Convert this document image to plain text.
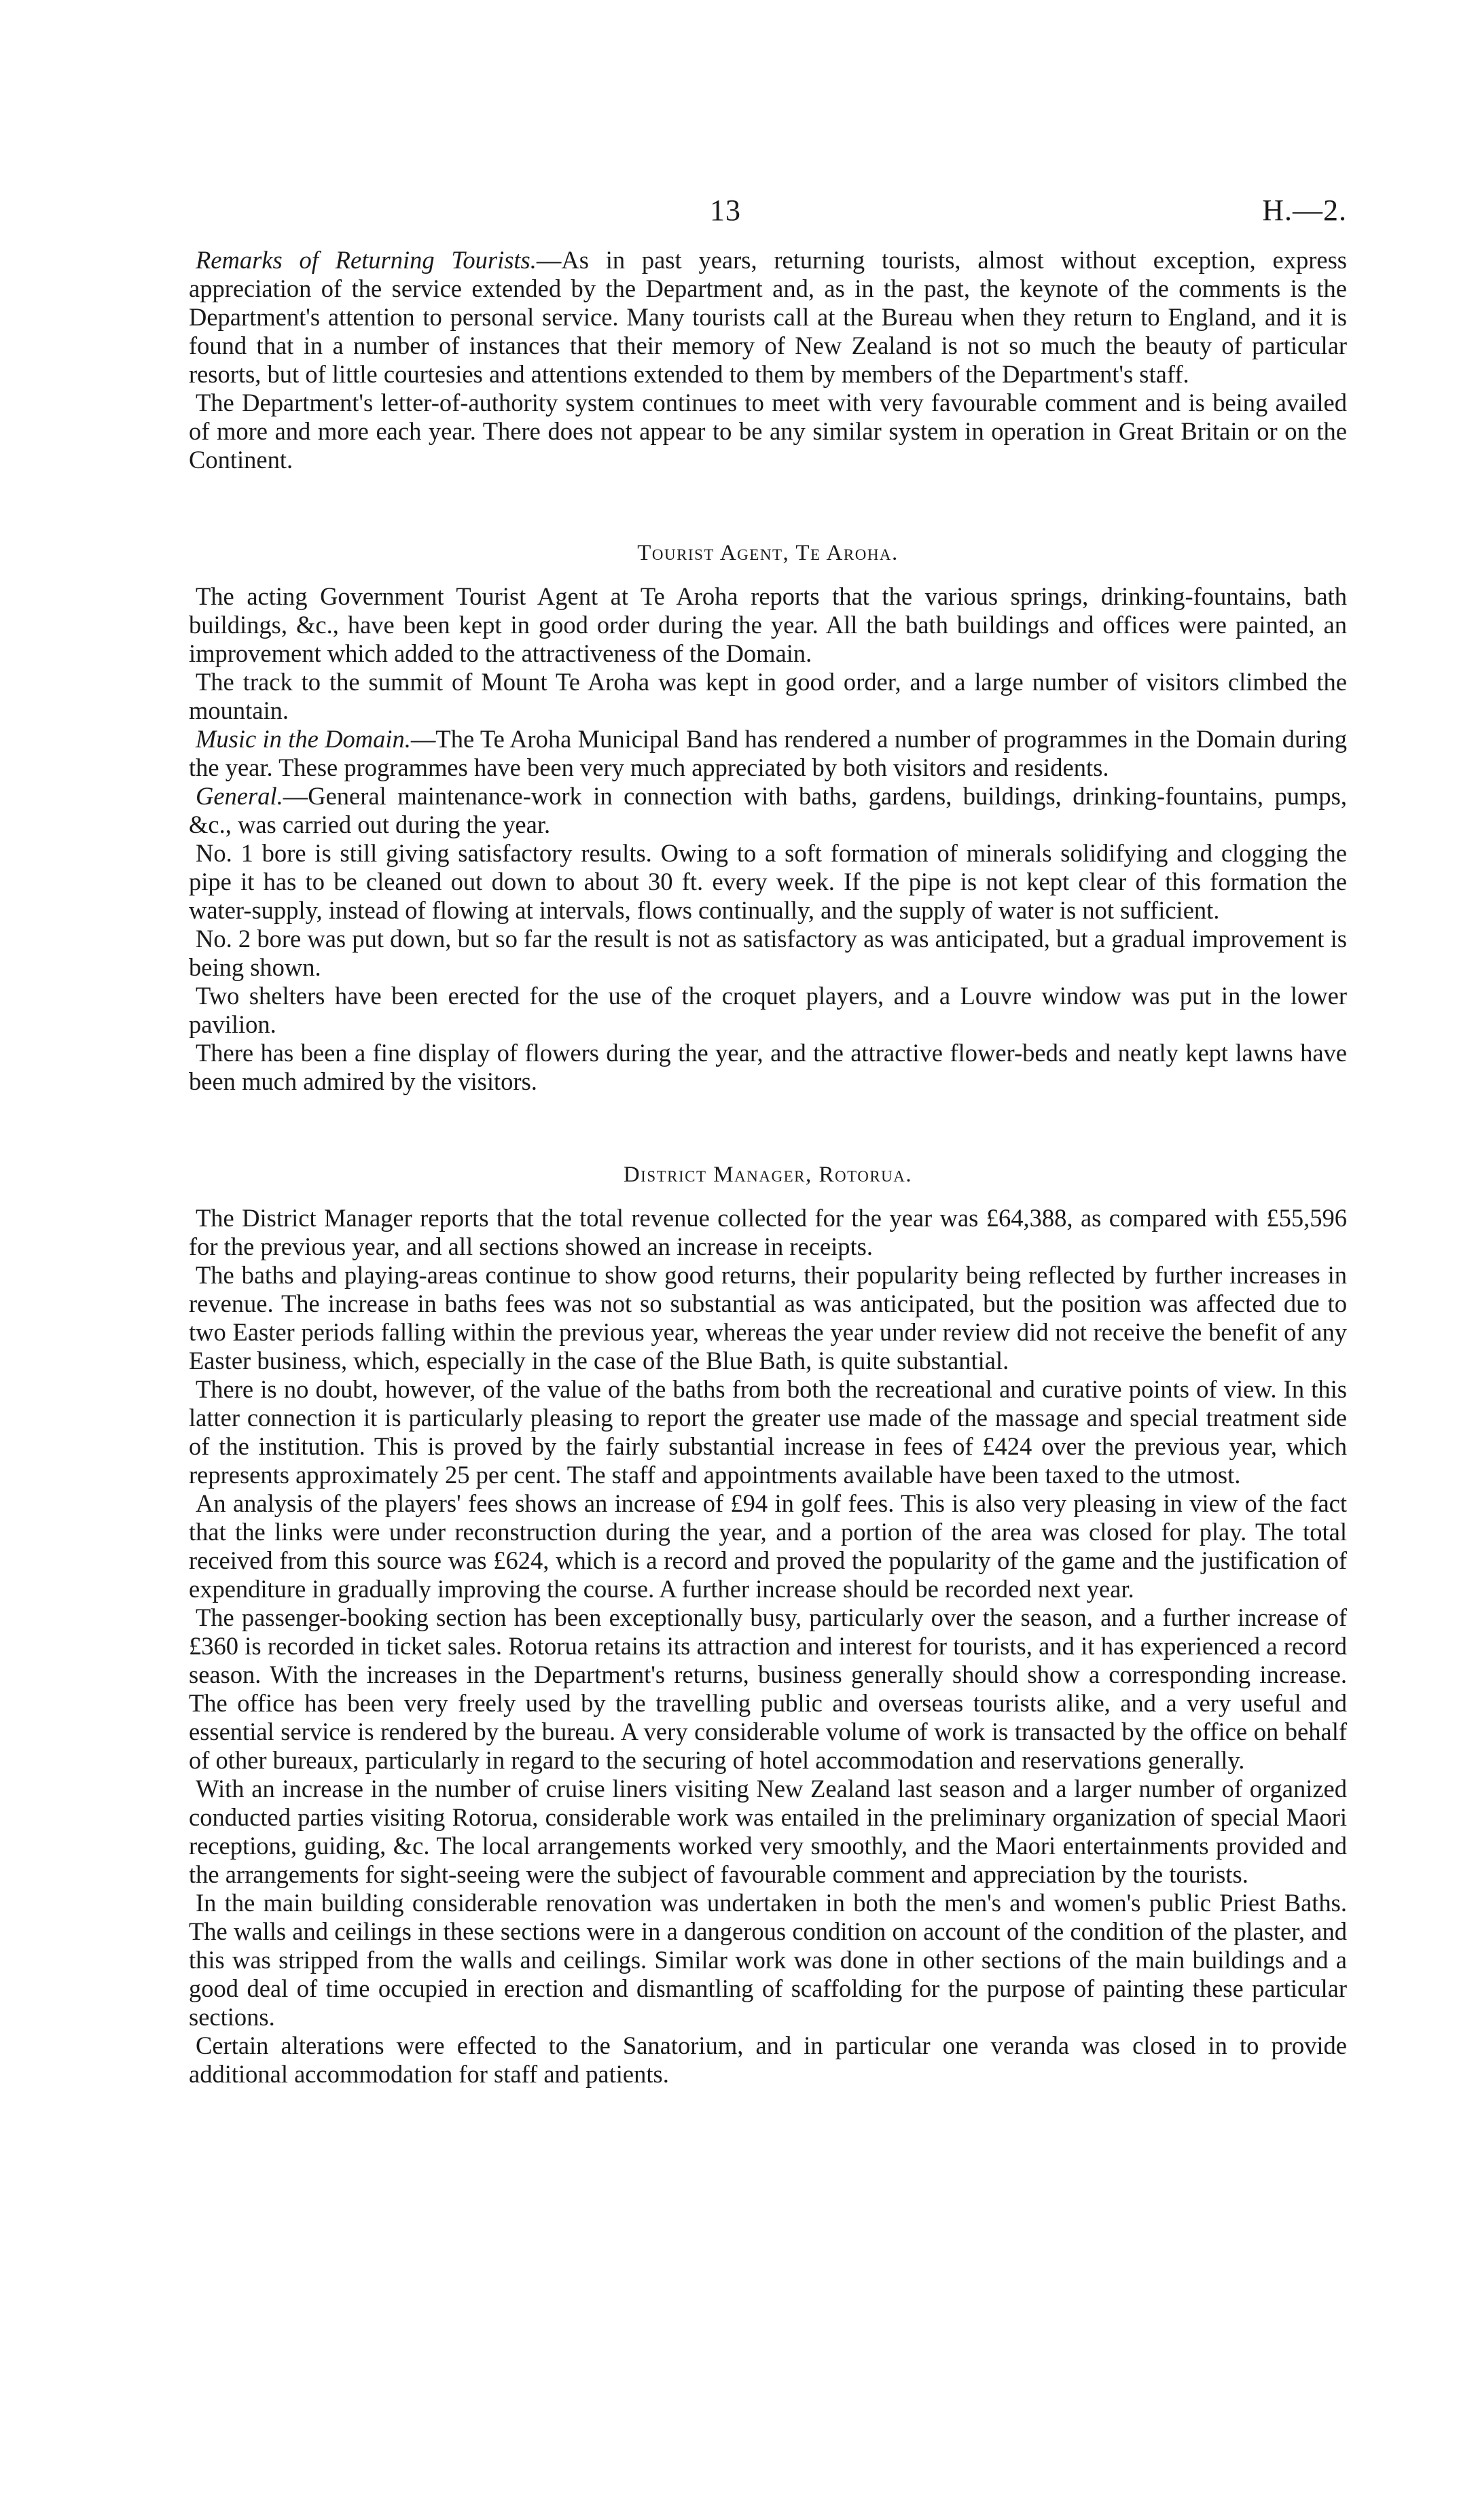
13	H.—2.

Remarks of Returning Tourists.—As in past years, returning tourists, almost without exception, express appreciation of the service extended by the Department and, as in the past, the keynote of the comments is the Department's attention to personal service. Many tourists call at the Bureau when they return to England, and it is found that in a number of instances that their memory of New Zealand is not so much the beauty of particular resorts, but of little courtesies and attentions extended to them by members of the Department's staff.

The Department's letter-of-authority system continues to meet with very favourable comment and is being availed of more and more each year. There does not appear to be any similar system in operation in Great Britain or on the Continent.

Tourist Agent, Te Aroha.

The acting Government Tourist Agent at Te Aroha reports that the various springs, drinking-fountains, bath buildings, &c., have been kept in good order during the year. All the bath buildings and offices were painted, an improvement which added to the attractiveness of the Domain.

The track to the summit of Mount Te Aroha was kept in good order, and a large number of visitors climbed the mountain.

Music in the Domain.—The Te Aroha Municipal Band has rendered a number of programmes in the Domain during the year. These programmes have been very much appreciated by both visitors and residents.

General.—General maintenance-work in connection with baths, gardens, buildings, drinking-fountains, pumps, &c., was carried out during the year.

No. 1 bore is still giving satisfactory results. Owing to a soft formation of minerals solidifying and clogging the pipe it has to be cleaned out down to about 30 ft. every week. If the pipe is not kept clear of this formation the water-supply, instead of flowing at intervals, flows continually, and the supply of water is not sufficient.

No. 2 bore was put down, but so far the result is not as satisfactory as was anticipated, but a gradual improvement is being shown.

Two shelters have been erected for the use of the croquet players, and a Louvre window was put in the lower pavilion.

There has been a fine display of flowers during the year, and the attractive flower-beds and neatly kept lawns have been much admired by the visitors.

District Manager, Rotorua.

The District Manager reports that the total revenue collected for the year was £64,388, as compared with £55,596 for the previous year, and all sections showed an increase in receipts.

The baths and playing-areas continue to show good returns, their popularity being reflected by further increases in revenue. The increase in baths fees was not so substantial as was anticipated, but the position was affected due to two Easter periods falling within the previous year, whereas the year under review did not receive the benefit of any Easter business, which, especially in the case of the Blue Bath, is quite substantial.

There is no doubt, however, of the value of the baths from both the recreational and curative points of view. In this latter connection it is particularly pleasing to report the greater use made of the massage and special treatment side of the institution. This is proved by the fairly substantial increase in fees of £424 over the previous year, which represents approximately 25 per cent. The staff and appointments available have been taxed to the utmost.

An analysis of the players' fees shows an increase of £94 in golf fees. This is also very pleasing in view of the fact that the links were under reconstruction during the year, and a portion of the area was closed for play. The total received from this source was £624, which is a record and proved the popularity of the game and the justification of expenditure in gradually improving the course. A further increase should be recorded next year.

The passenger-booking section has been exceptionally busy, particularly over the season, and a further increase of £360 is recorded in ticket sales. Rotorua retains its attraction and interest for tourists, and it has experienced a record season. With the increases in the Department's returns, business generally should show a corresponding increase. The office has been very freely used by the travelling public and overseas tourists alike, and a very useful and essential service is rendered by the bureau. A very considerable volume of work is transacted by the office on behalf of other bureaux, particularly in regard to the securing of hotel accommodation and reservations generally.

With an increase in the number of cruise liners visiting New Zealand last season and a larger number of organized conducted parties visiting Rotorua, considerable work was entailed in the preliminary organization of special Maori receptions, guiding, &c. The local arrangements worked very smoothly, and the Maori entertainments provided and the arrangements for sight-seeing were the subject of favourable comment and appreciation by the tourists.

In the main building considerable renovation was undertaken in both the men's and women's public Priest Baths. The walls and ceilings in these sections were in a dangerous condition on account of the condition of the plaster, and this was stripped from the walls and ceilings. Similar work was done in other sections of the main buildings and a good deal of time occupied in erection and dismantling of scaffolding for the purpose of painting these particular sections.

Certain alterations were effected to the Sanatorium, and in particular one veranda was closed in to provide additional accommodation for staff and patients.
